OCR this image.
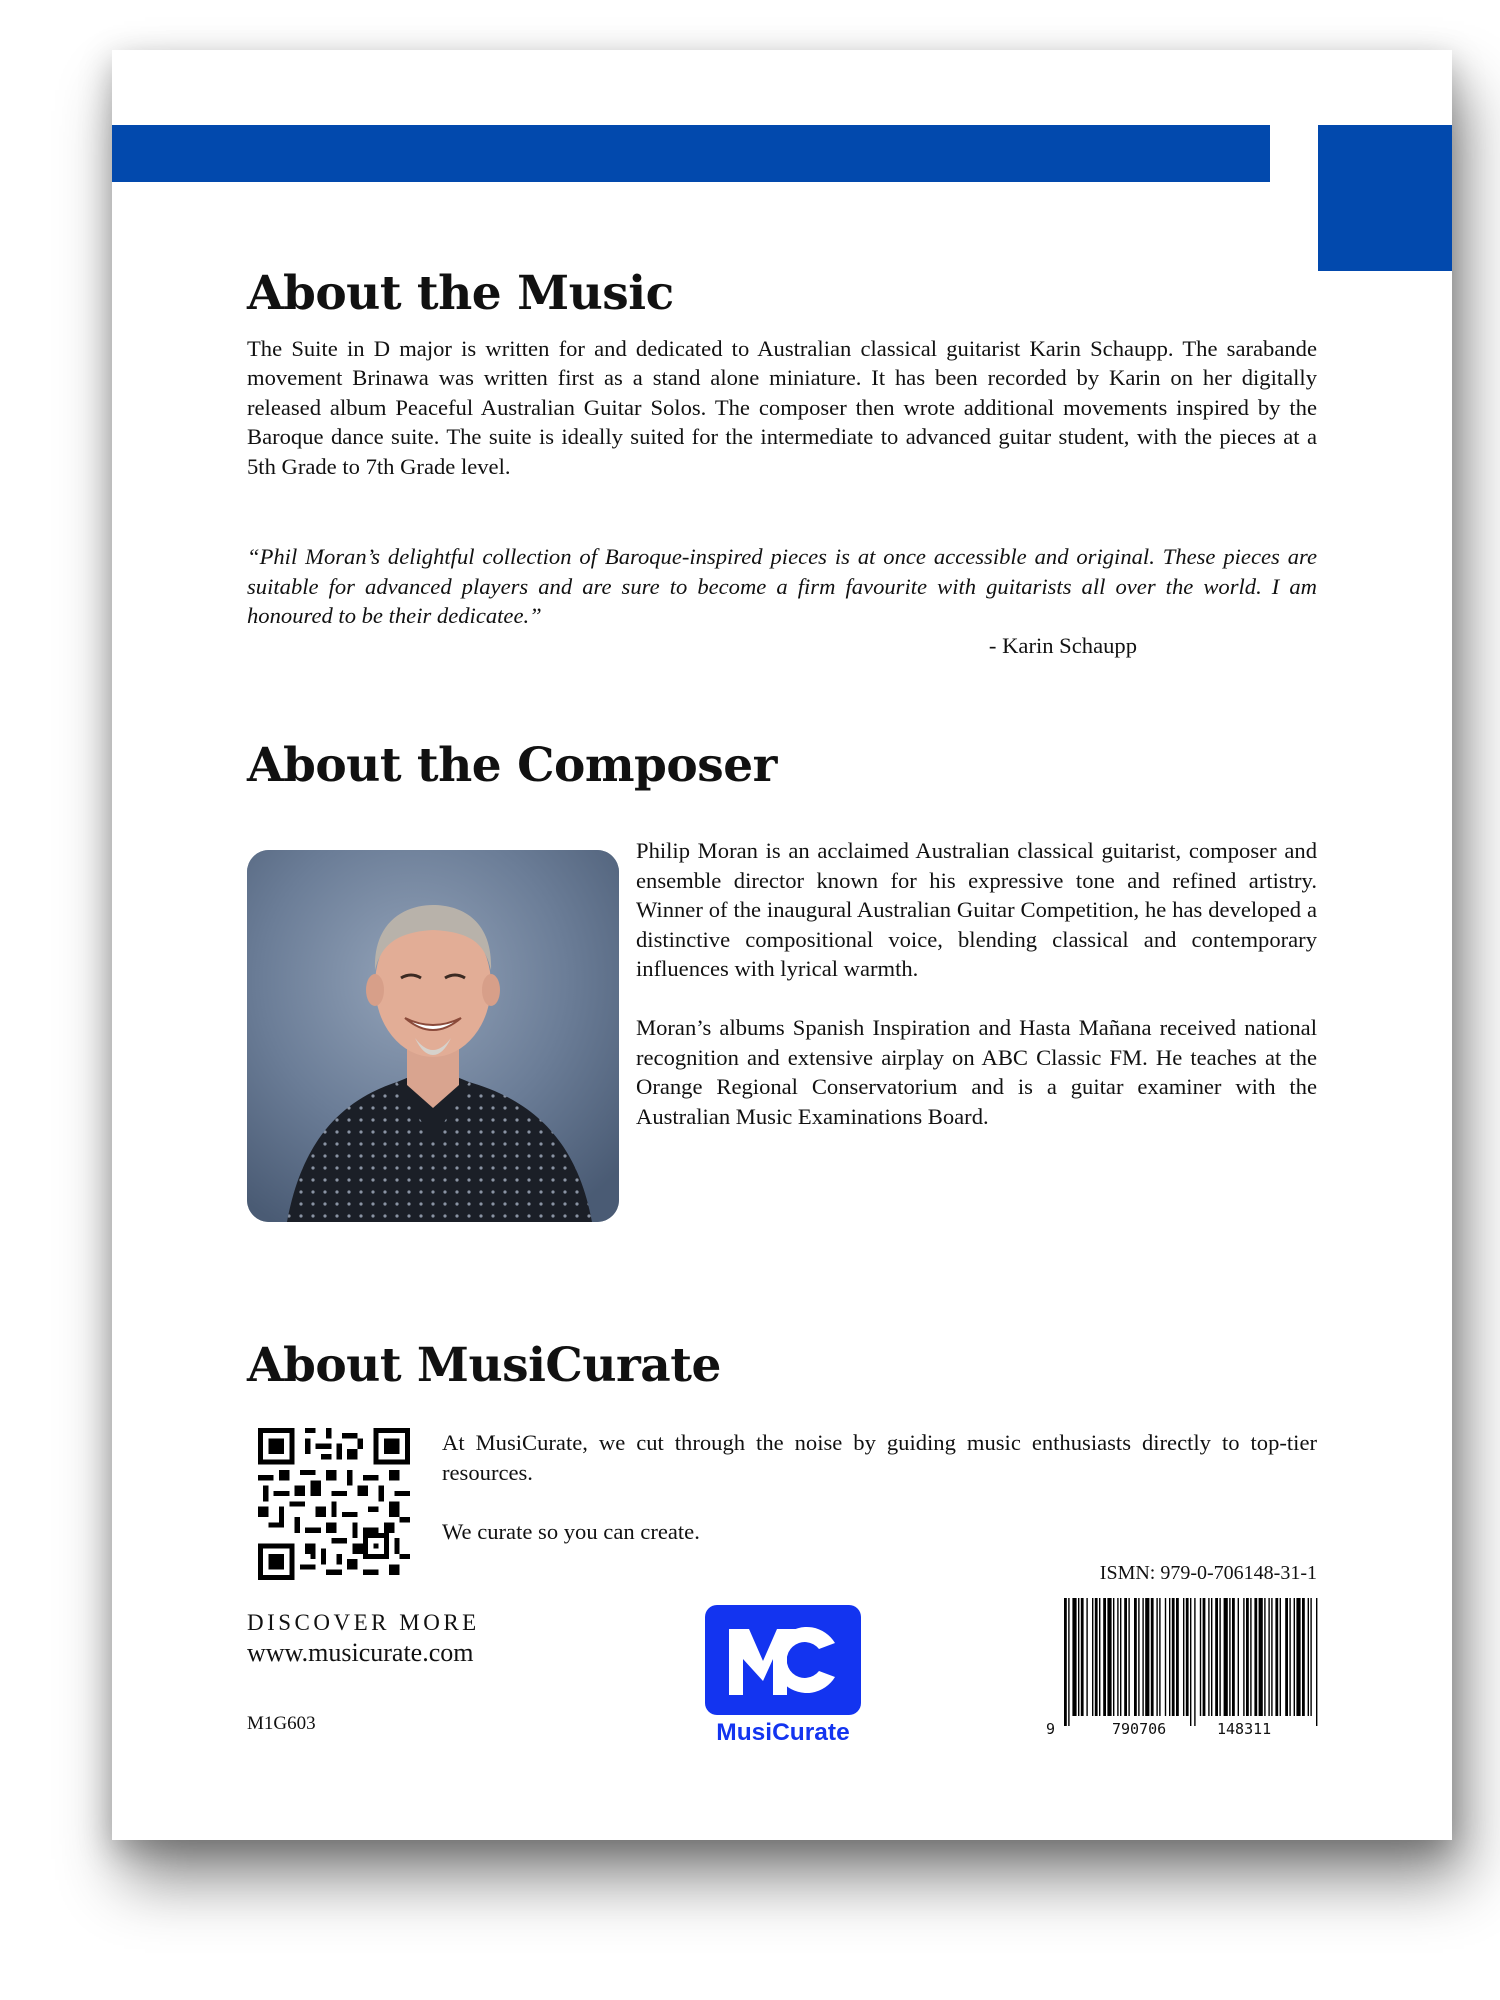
About the Music

The Suite in D major is written for and dedicated to Australian classical guitarist Karin Schaupp. The sarabande movement Brinawa was written first as a stand alone miniature. It has been recorded by Karin on her digitally released album Peaceful Australian Guitar Solos. The composer then wrote additional movements inspired by the Baroque dance suite. The suite is ideally suited for the intermediate to advanced guitar student, with the pieces at a 5th Grade to 7th Grade level.

“Phil Moran’s delightful collection of Baroque-inspired pieces is at once accessible and original. These pieces are suitable for advanced players and are sure to become a firm favourite with guitarists all over the world. I am honoured to be their dedicatee.”

- Karin Schaupp
About the Composer

Philip Moran is an acclaimed Australian classical guitarist, composer and ensemble director known for his expressive tone and refined artistry. Winner of the inaugural Australian Guitar Competition, he has developed a distinctive compositional voice, blending classical and contemporary influences with lyrical warmth.

Moran’s albums Spanish Inspiration and Hasta Mañana received national recognition and extensive airplay on ABC Classic FM. He teaches at the Orange Regional Conservatorium and is a guitar examiner with the Australian Music Examinations Board.

About MusiCurate

At MusiCurate, we cut through the noise by guiding music enthusiasts directly to top-tier resources.

We curate so you can create.

DISCOVER MORE
www.musicurate.com
M1G603	MusiCurate
ISMN: 979-0-706148-31-1
9	790706	148311
